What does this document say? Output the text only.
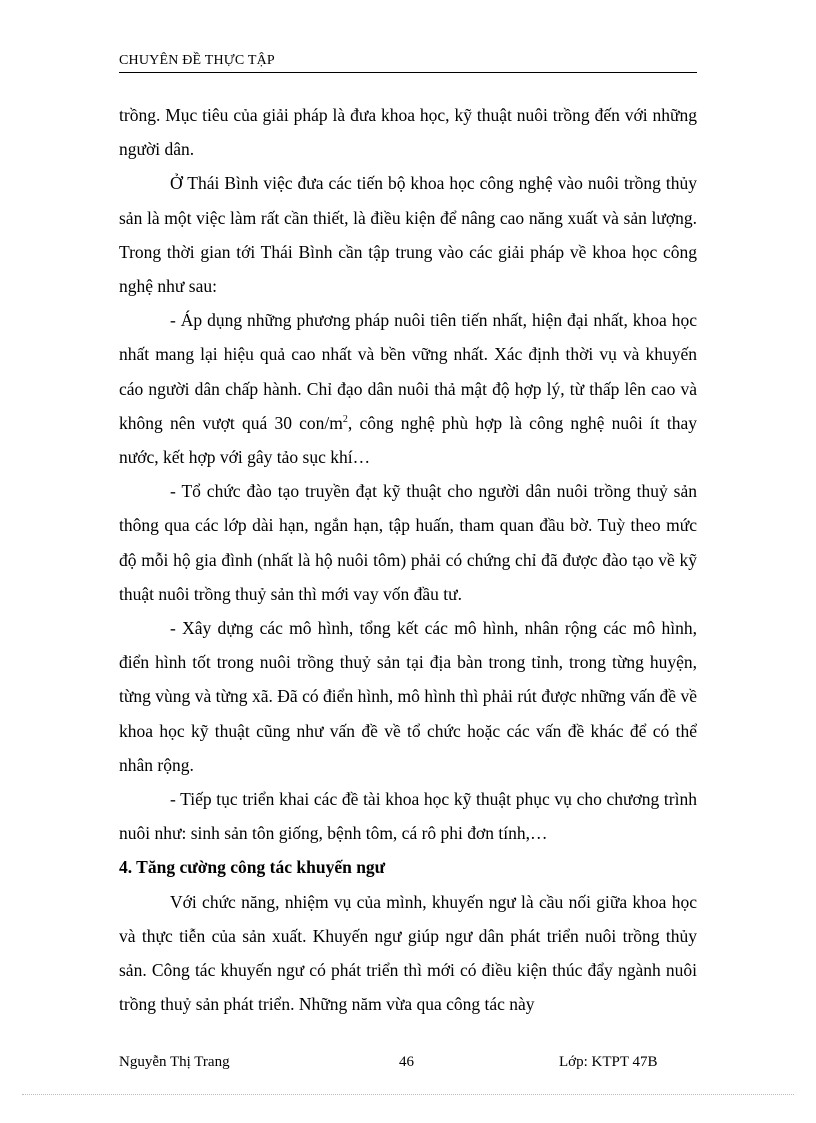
CHUYÊN ĐỀ THỰC TẬP

trồng. Mục tiêu của giải pháp là đưa khoa học, kỹ thuật nuôi trồng đến với những người dân.

Ở Thái Bình việc đưa các tiến bộ khoa học công nghệ vào nuôi trồng thủy sản là một việc làm rất cần thiết, là điều kiện để nâng cao năng xuất và sản lượng. Trong thời gian tới Thái Bình cần tập trung vào các giải pháp về khoa học công nghệ như sau:

- Áp dụng những phương pháp nuôi tiên tiến nhất, hiện đại nhất, khoa học nhất mang lại hiệu quả cao nhất và bền vững nhất. Xác định thời vụ và khuyến cáo người dân chấp hành. Chỉ đạo dân nuôi thả mật độ hợp lý, từ thấp lên cao và không nên vượt quá 30 con/$m^2$, công nghệ phù hợp là công nghệ nuôi ít thay nước, kết hợp với gây tảo sục khí…

- Tổ chức đào tạo truyền đạt kỹ thuật cho người dân nuôi trồng thuỷ sản thông qua các lớp dài hạn, ngắn hạn, tập huấn, tham quan đầu bờ. Tuỳ theo mức độ mỗi hộ gia đình (nhất là hộ nuôi tôm) phải có chứng chỉ đã được đào tạo về kỹ thuật nuôi trồng thuỷ sản thì mới vay vốn đầu tư.

- Xây dựng các mô hình, tổng kết các mô hình, nhân rộng các mô hình, điển hình tốt trong nuôi trồng thuỷ sản tại địa bàn trong tỉnh, trong từng huyện, từng vùng và từng xã. Đã có điển hình, mô hình thì phải rút được những vấn đề về khoa học kỹ thuật cũng như vấn đề về tổ chức hoặc các vấn đề khác để có thể nhân rộng.

- Tiếp tục triển khai các đề tài khoa học kỹ thuật phục vụ cho chương trình nuôi như: sinh sản tôn giống, bệnh tôm, cá rô phi đơn tính,…

4. Tăng cường công tác khuyến ngư

Với chức năng, nhiệm vụ của mình, khuyến ngư là cầu nối giữa khoa học và thực tiễn của sản xuất. Khuyến ngư giúp ngư dân phát triển nuôi trồng thủy sản. Công tác khuyến ngư có phát triển thì mới có điều kiện thúc đẩy ngành nuôi trồng thuỷ sản phát triển. Những năm vừa qua công tác này

Nguyễn Thị Trang	46	Lớp: KTPT 47B
